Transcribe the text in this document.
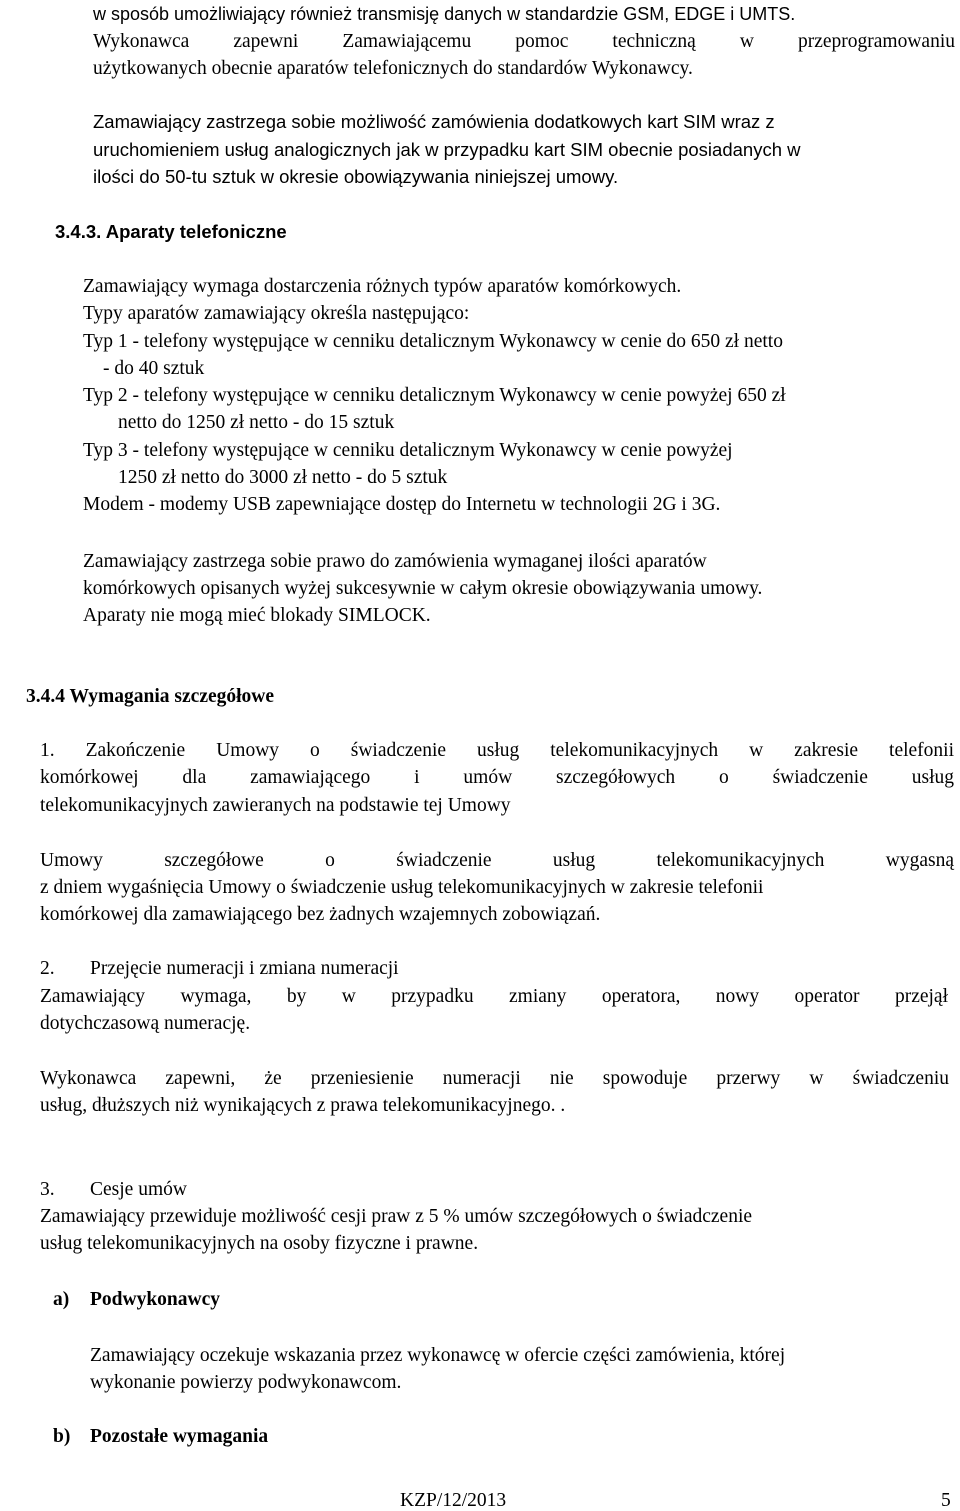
w sposób umożliwiający również transmisję danych w standardzie GSM, EDGE i UMTS.
Wykonawca zapewni Zamawiającemu pomoc techniczną w przeprogramowaniu
użytkowanych obecnie aparatów telefonicznych do standardów Wykonawcy.
Zamawiający zastrzega sobie możliwość zamówienia dodatkowych kart SIM wraz z
uruchomieniem usług analogicznych jak w przypadku kart SIM obecnie posiadanych w
ilości do 50-tu sztuk w okresie obowiązywania niniejszej umowy.
3.4.3. Aparaty telefoniczne
Zamawiający wymaga dostarczenia różnych typów aparatów komórkowych.
Typy aparatów zamawiający określa następująco:
Typ 1 - telefony występujące w cenniku detalicznym Wykonawcy w cenie do 650 zł netto
- do 40 sztuk
Typ 2 - telefony występujące w cenniku detalicznym Wykonawcy w cenie powyżej 650 zł
netto do 1250 zł netto - do 15 sztuk
Typ 3 - telefony występujące w cenniku detalicznym Wykonawcy w cenie powyżej
1250 zł netto do 3000 zł netto - do 5 sztuk
Modem - modemy USB zapewniające dostęp do Internetu w technologii 2G i 3G.
Zamawiający zastrzega sobie prawo do zamówienia wymaganej ilości aparatów
komórkowych opisanych wyżej sukcesywnie w całym okresie obowiązywania umowy.
Aparaty nie mogą mieć blokady SIMLOCK.
3.4.4 Wymagania szczegółowe
1. Zakończenie Umowy o świadczenie usług telekomunikacyjnych w zakresie telefonii
komórkowej dla zamawiającego i umów szczegółowych o świadczenie usług
telekomunikacyjnych zawieranych na podstawie tej Umowy
Umowy szczegółowe o świadczenie usług telekomunikacyjnych wygasną
z dniem wygaśnięcia Umowy o świadczenie usług telekomunikacyjnych w zakresie telefonii
komórkowej dla zamawiającego bez żadnych wzajemnych zobowiązań.
2. Przejęcie numeracji i zmiana numeracji
Zamawiający wymaga, by w przypadku zmiany operatora, nowy operator przejął
dotychczasową numerację.
Wykonawca zapewni, że przeniesienie numeracji nie spowoduje przerwy w świadczeniu
usług, dłuższych niż wynikających z prawa telekomunikacyjnego. .
3. Cesje umów
Zamawiający przewiduje możliwość cesji praw z 5 % umów szczegółowych o świadczenie
usług telekomunikacyjnych na osoby fizyczne i prawne.
a) Podwykonawcy
Zamawiający oczekuje wskazania przez wykonawcę w ofercie części zamówienia, której
wykonanie powierzy podwykonawcom.
b) Pozostałe wymagania
KZP/12/2013	5
